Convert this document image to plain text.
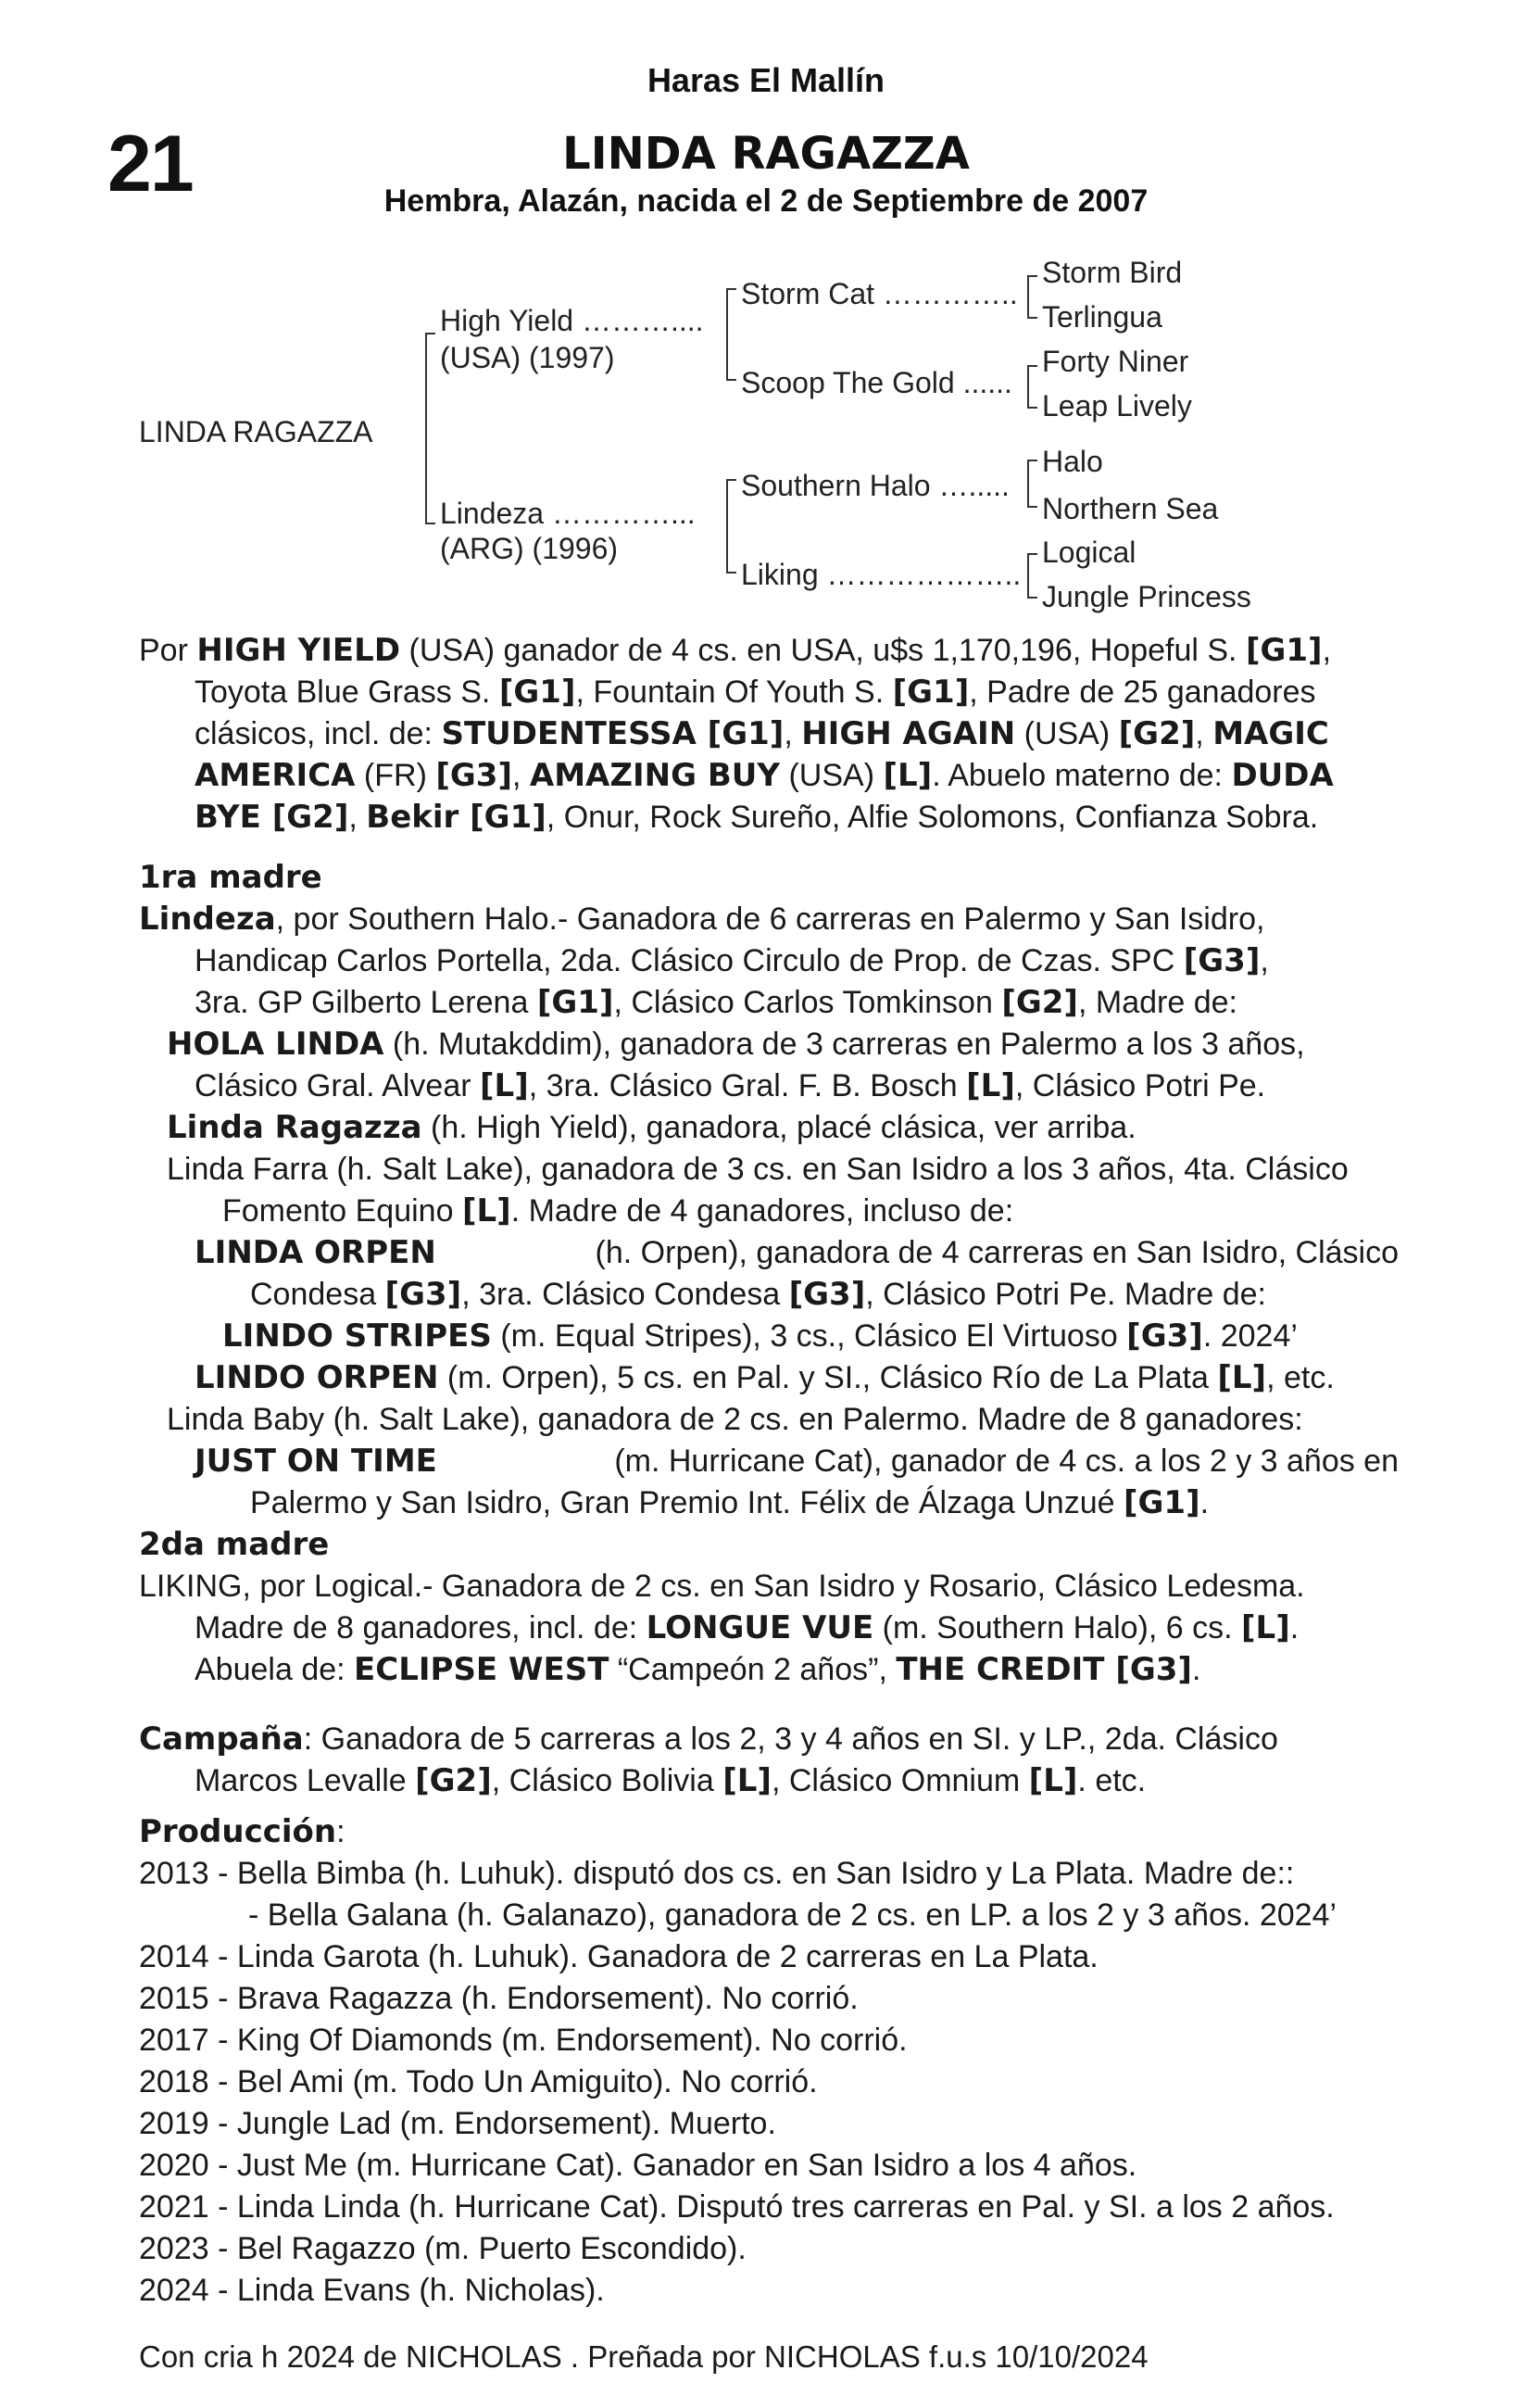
Haras El Mallín
21	LINDA RAGAZZA
Hembra, Alazán, nacida el 2 de Septiembre de 2007
LINDA RAGAZZA
High Yield ………....
(USA) (1997)
Lindeza …………...
(ARG) (1996)
Storm Cat …………..
Scoop The Gold ......
Southern Halo ….....
Liking ………………..
Storm Bird
Terlingua
Forty Niner
Leap Lively
Halo
Northern Sea
Logical
Jungle Princess
Por HIGH YIELD (USA) ganador de 4 cs. en USA, u$s 1,170,196, Hopeful S. [G1],
Toyota Blue Grass S. [G1], Fountain Of Youth S. [G1], Padre de 25 ganadores
clásicos, incl. de: STUDENTESSA [G1], HIGH AGAIN (USA) [G2], MAGIC
AMERICA (FR) [G3], AMAZING BUY (USA) [L]. Abuelo materno de: DUDA
BYE [G2], Bekir [G1], Onur, Rock Sureño, Alfie Solomons, Confianza Sobra.
1ra madre
Lindeza, por Southern Halo.- Ganadora de 6 carreras en Palermo y San Isidro,
Handicap Carlos Portella, 2da. Clásico Circulo de Prop. de Czas. SPC [G3],
3ra. GP Gilberto Lerena [G1], Clásico Carlos Tomkinson [G2], Madre de:
HOLA LINDA (h. Mutakddim), ganadora de 3 carreras en Palermo a los 3 años,
Clásico Gral. Alvear [L], 3ra. Clásico Gral. F. B. Bosch [L], Clásico Potri Pe.
Linda Ragazza (h. High Yield), ganadora, placé clásica, ver arriba.
Linda Farra (h. Salt Lake), ganadora de 3 cs. en San Isidro a los 3 años, 4ta. Clásico
Fomento Equino [L]. Madre de 4 ganadores, incluso de:
LINDA ORPEN	(h. Orpen), ganadora de 4 carreras en San Isidro, Clásico
Condesa [G3], 3ra. Clásico Condesa [G3], Clásico Potri Pe. Madre de:
LINDO STRIPES (m. Equal Stripes), 3 cs., Clásico El Virtuoso [G3]. 2024’
LINDO ORPEN (m. Orpen), 5 cs. en Pal. y SI., Clásico Río de La Plata [L], etc.
Linda Baby (h. Salt Lake), ganadora de 2 cs. en Palermo. Madre de 8 ganadores:
JUST ON TIME	(m. Hurricane Cat), ganador de 4 cs. a los 2 y 3 años en
Palermo y San Isidro, Gran Premio Int. Félix de Álzaga Unzué [G1].
2da madre
LIKING, por Logical.- Ganadora de 2 cs. en San Isidro y Rosario, Clásico Ledesma.
Madre de 8 ganadores, incl. de: LONGUE VUE (m. Southern Halo), 6 cs. [L].
Abuela de: ECLIPSE WEST “Campeón 2 años”, THE CREDIT [G3].
Campaña: Ganadora de 5 carreras a los 2, 3 y 4 años en SI. y LP., 2da. Clásico
Marcos Levalle [G2], Clásico Bolivia [L], Clásico Omnium [L]. etc.
Producción:
2013 - Bella Bimba (h. Luhuk). disputó dos cs. en San Isidro y La Plata. Madre de::
- Bella Galana (h. Galanazo), ganadora de 2 cs. en LP. a los 2 y 3 años. 2024’
2014 - Linda Garota (h. Luhuk). Ganadora de 2 carreras en La Plata.
2015 - Brava Ragazza (h. Endorsement). No corrió.
2017 - King Of Diamonds (m. Endorsement). No corrió.
2018 - Bel Ami (m. Todo Un Amiguito). No corrió.
2019 - Jungle Lad (m. Endorsement). Muerto.
2020 - Just Me (m. Hurricane Cat). Ganador en San Isidro a los 4 años.
2021 - Linda Linda (h. Hurricane Cat). Disputó tres carreras en Pal. y SI. a los 2 años.
2023 - Bel Ragazzo (m. Puerto Escondido).
2024 - Linda Evans (h. Nicholas).
Con cria h 2024 de NICHOLAS . Preñada por NICHOLAS f.u.s 10/10/2024
